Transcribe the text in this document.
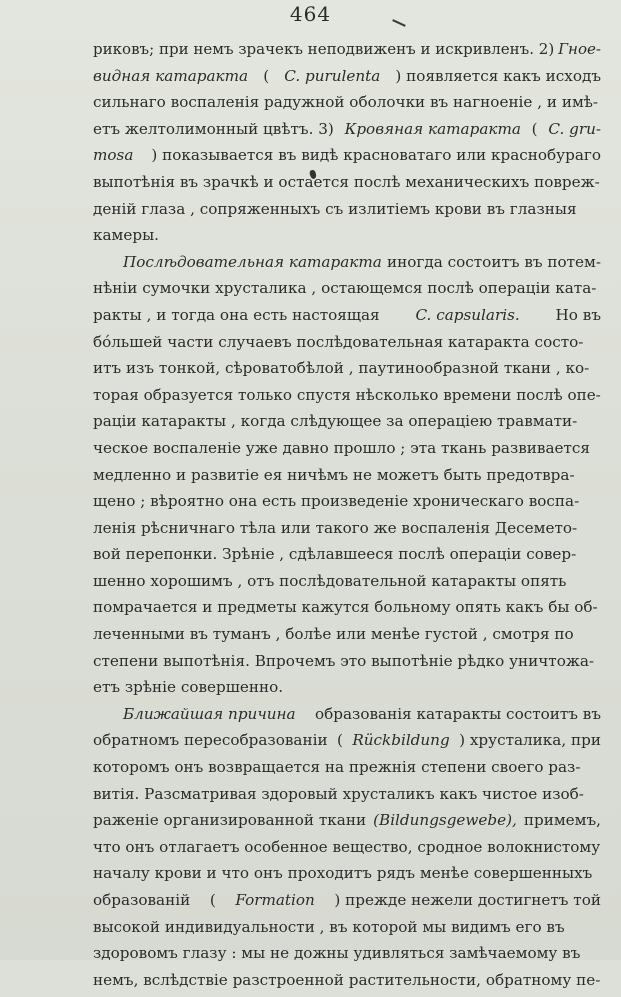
464
риковъ; при немъ зрачекъ неподвиженъ и искривленъ. 2) Гное-
видная катаракта ( C. purulenta ) появляется какъ исходъ
сильнаго воспаленія радужной оболочки въ нагноеніе , и имѣ-
етъ желтолимонный цвѣтъ. 3) Кровяная катаракта ( C. gru-
mosa ) показывается въ видѣ красноватаго или краснобураго
выпотѣнія въ зрачкѣ и остается послѣ механическихъ повреж-
деній глаза , сопряженныхъ съ излитіемъ крови въ глазныя
камеры.
Послѣдовательная катаракта иногда состоитъ въ потем-
нѣніи сумочки хрусталика , остающемся послѣ операціи ката-
ракты , и тогда она есть настоящая C. capsularis. Но въ
бóльшей части случаевъ послѣдовательная катаракта состо-
итъ изъ тонкой, сѣроватобѣлой , паутинообразной ткани , ко-
торая образуется только спустя нѣсколько времени послѣ опе-
раціи катаракты , когда слѣдующее за операціею травмати-
ческое воспаленіе уже давно прошло ; эта ткань развивается
медленно и развитіе ея ничѣмъ не можетъ быть предотвра-
щено ; вѣроятно она есть произведеніе хроническаго воспа-
ленія рѣсничнаго тѣла или такого же воспаленія Десемето-
вой перепонки. Зрѣніе , сдѣлавшееся послѣ операціи совер-
шенно хорошимъ , отъ послѣдовательной катаракты опять
помрачается и предметы кажутся больному опять какъ бы об-
леченными въ туманъ , болѣе или менѣе густой , смотря по
степени выпотѣнія. Впрочемъ это выпотѣніе рѣдко уничтожа-
етъ зрѣніе совершенно.
Ближайшая причина образованія катаракты состоитъ въ
обратномъ пересобразованіи ( Rückbildung ) хрусталика, при
которомъ онъ возвращается на прежнія степени своего раз-
витія. Разсматривая здоровый хрусталикъ какъ чистое изоб-
раженіе организированной ткани (Bildungsgewebe), примемъ,
что онъ отлагаетъ особенное вещество, сродное волокнистому
началу крови и что онъ проходитъ рядъ менѣе совершенныхъ
образованій ( Formation ) прежде нежели достигнетъ той
высокой индивидуальности , въ которой мы видимъ его въ
здоровомъ глазу : мы не дожны удивляться замѣчаемому въ
немъ, вслѣдствіе разстроенной растительности, обратному пе-
